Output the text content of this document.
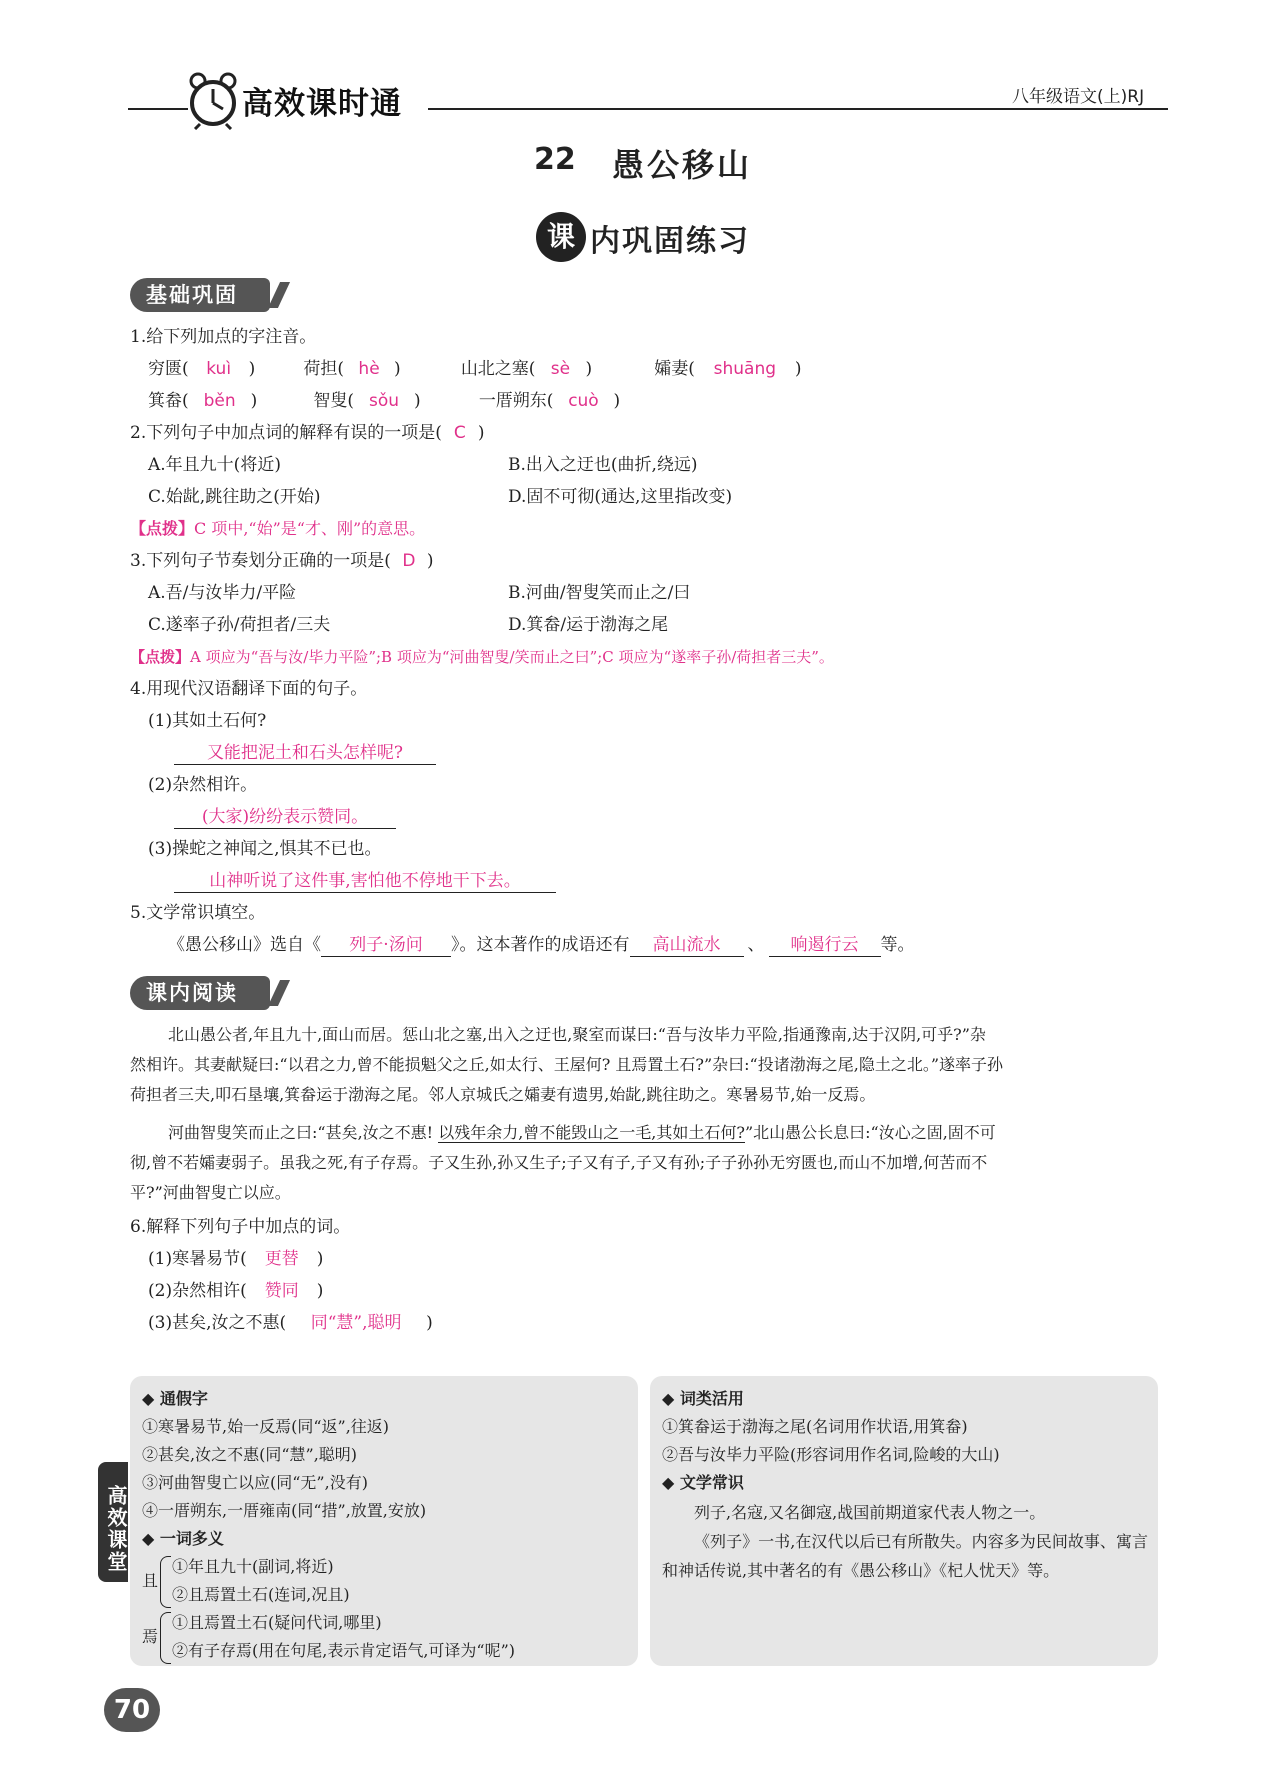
高效课时通	八年级语文(上)RJ
22 愚公移山
课 内巩固练习
基础巩固
1.给下列加点的字注音。
穷匮( kuì )	荷担( hè )	山北之塞( sè )	孀妻( shuāng )
箕畚( běn )	智叟( sǒu )	一厝朔东( cuò )
2.下列句子中加点词的解释有误的一项是( C )
A.年且九十(将近)	B.出入之迂也(曲折,绕远)
C.始龀,跳往助之(开始)	D.固不可彻(通达,这里指改变)
【点拨】C 项中,“始”是“才、刚”的意思。
3.下列句子节奏划分正确的一项是( D )
A.吾/与汝毕力/平险	B.河曲/智叟笑而止之/曰
C.遂率子孙/荷担者/三夫	D.箕畚/运于渤海之尾
【点拨】A 项应为“吾与汝/毕力平险”;B 项应为“河曲智叟/笑而止之曰”;C 项应为“遂率子孙/荷担者三夫”。
4.用现代汉语翻译下面的句子。
(1)其如土石何?
又能把泥土和石头怎样呢?
(2)杂然相许。
(大家)纷纷表示赞同。
(3)操蛇之神闻之,惧其不已也。
山神听说了这件事,害怕他不停地干下去。
5.文学常识填空。
《愚公移山》选自《 列子·汤问 》。这本著作的成语还有 高山流水 、 响遏行云 等。
课内阅读
北山愚公者,年且九十,面山而居。惩山北之塞,出入之迂也,聚室而谋曰:“吾与汝毕力平险,指通豫南,达于汉阴,可乎?”杂
然相许。其妻献疑曰:“以君之力,曾不能损魁父之丘,如太行、王屋何? 且焉置土石?”杂曰:“投诸渤海之尾,隐土之北。”遂率子孙
荷担者三夫,叩石垦壤,箕畚运于渤海之尾。邻人京城氏之孀妻有遗男,始龀,跳往助之。寒暑易节,始一反焉。
河曲智叟笑而止之曰:“甚矣,汝之不惠! 以残年余力,曾不能毁山之一毛,其如土石何?”北山愚公长息曰:“汝心之固,固不可
彻,曾不若孀妻弱子。虽我之死,有子存焉。子又生孙,孙又生子;子又有子,子又有孙;子子孙孙无穷匮也,而山不加增,何苦而不
平?”河曲智叟亡以应。
6.解释下列句子中加点的词。
(1)寒暑易节( 更替 )
(2)杂然相许( 赞同 )
(3)甚矣,汝之不惠( 同“慧”,聪明 )
高效课堂
◆ 通假字
①寒暑易节,始一反焉(同“返”,往返)
②甚矣,汝之不惠(同“慧”,聪明)
③河曲智叟亡以应(同“无”,没有)
④一厝朔东,一厝雍南(同“措”,放置,安放)
◆ 一词多义
且
①年且九十(副词,将近)
②且焉置土石(连词,况且)
焉
①且焉置土石(疑问代词,哪里)
②有子存焉(用在句尾,表示肯定语气,可译为“呢”)
◆ 词类活用
①箕畚运于渤海之尾(名词用作状语,用箕畚)
②吾与汝毕力平险(形容词用作名词,险峻的大山)
◆ 文学常识
列子,名寇,又名御寇,战国前期道家代表人物之一。
《列子》一书,在汉代以后已有所散失。内容多为民间故事、寓言和神话传说,其中著名的有《愚公移山》《杞人忧天》等。
70
